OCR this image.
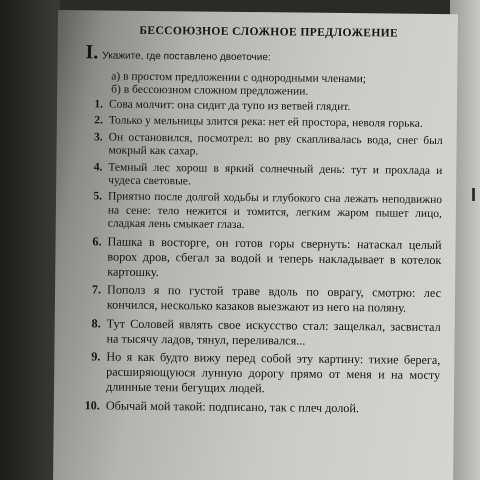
I
БЕССОЮЗНОЕ СЛОЖНОЕ ПРЕДЛОЖЕНИЕ
I. Укажите, где поставлено двоеточие:
а) в простом предложении с однородными членами;
б) в бессоюзном сложном предложении.
1. Сова молчит: она сидит да тупо из ветвей глядит.
2. Только у мельницы злится река: нет ей простора, неволя горька.
3. Он остановился, посмотрел: во рву скапливалась вода, снег был мокрый как сахар.
4. Темный лес хорош в яркий солнечный день: тут и прохлада и чудеса световые.
5. Приятно после долгой ходьбы и глубокого сна лежать неподвижно на сене: тело нежится и томится, легким жаром пышет лицо, сладкая лень смыкает глаза.
6. Пашка в восторге, он готов горы свернуть: натаскал целый ворох дров, сбегал за водой и теперь накладывает в котелок картошку.
7. Пополз я по густой траве вдоль по оврагу, смотрю: лес кончился, несколько казаков выезжают из него на поляну.
8. Тут Соловей являть свое искусство стал: защелкал, засвистал на тысячу ладов, тянул, переливался...
9. Но я как будто вижу перед собой эту картину: тихие берега, расширяющуюся лунную дорогу прямо от меня и на мосту длинные тени бегущих людей.
10. Обычай мой такой: подписано, так с плеч долой.
